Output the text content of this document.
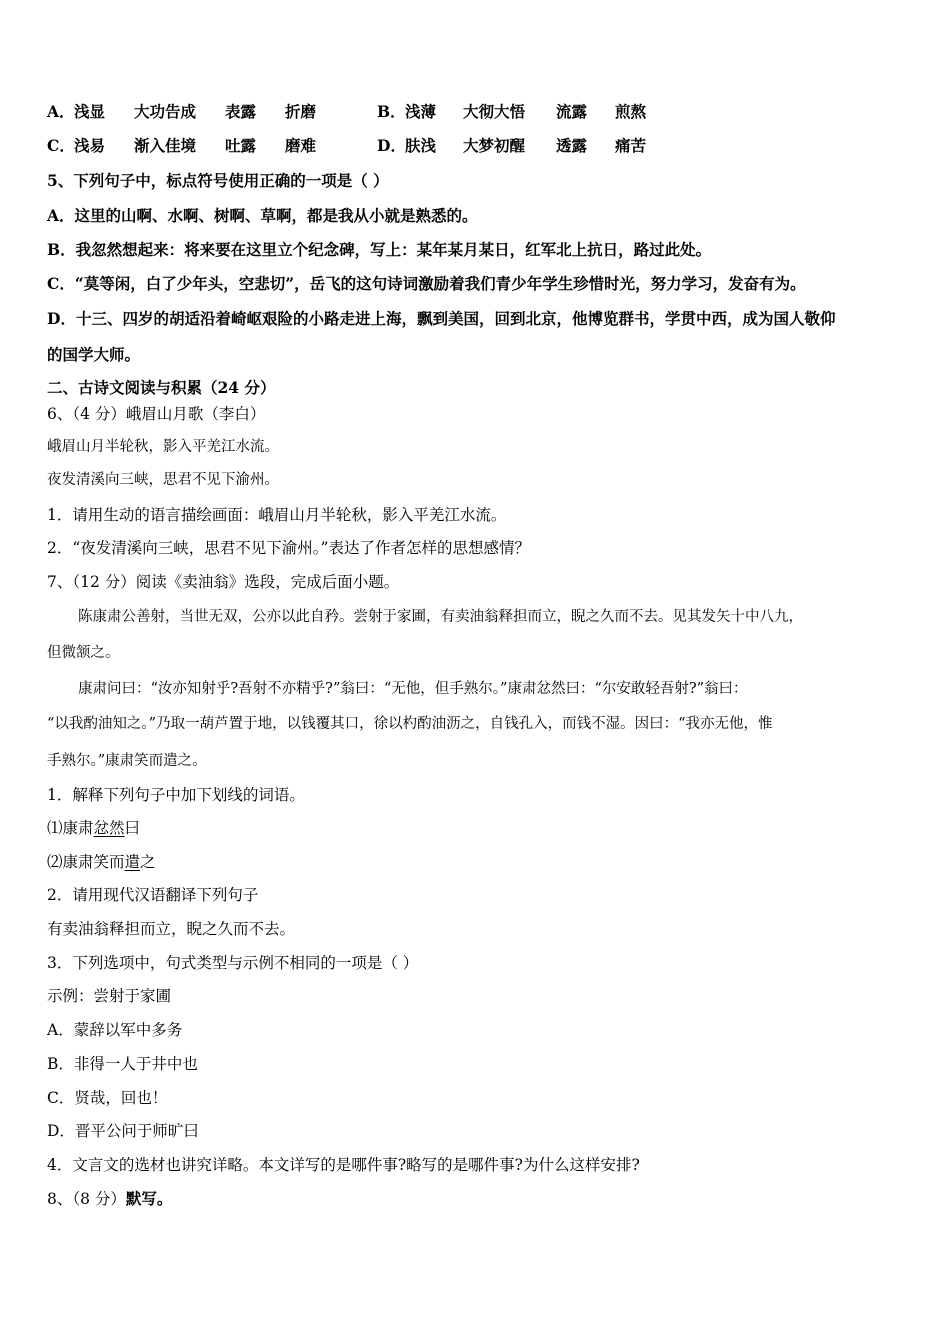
A． 浅显 大功告成 表露 折磨	B． 浅薄 大彻大悟 流露 煎熬
C． 浅易 渐入佳境 吐露 磨难	D． 肤浅 大梦初醒 透露 痛苦
5、下列句子中，标点符号使用正确的一项是（ ）
A．这里的山啊、水啊、树啊、草啊，都是我从小就是熟悉的。
B．我忽然想起来：将来要在这里立个纪念碑，写上：某年某月某日，红军北上抗日，路过此处。
C．“莫等闲，白了少年头，空悲切”，岳飞的这句诗词激励着我们青少年学生珍惜时光，努力学习，发奋有为。
D．十三、四岁的胡适沿着崎岖艰险的小路走进上海，飘到美国，回到北京，他博览群书，学贯中西，成为国人敬仰
的国学大师。
二、古诗文阅读与积累（24 分）
6、（4 分）峨眉山月歌（李白）
峨眉山月半轮秋，影入平羌江水流。
夜发清溪向三峡，思君不见下渝州。
1．请用生动的语言描绘画面：峨眉山月半轮秋，影入平羌江水流。
2．“夜发清溪向三峡，思君不见下渝州。”表达了作者怎样的思想感情？
7、（12 分）阅读《卖油翁》选段，完成后面小题。
陈康肃公善射，当世无双，公亦以此自矜。尝射于家圃，有卖油翁释担而立，睨之久而不去。见其发矢十中八九，
但微颔之。
康肃问曰：“汝亦知射乎?吾射不亦精乎?”翁曰：“无他，但手熟尔。”康肃忿然曰：“尔安敢轻吾射?”翁曰：
“以我酌油知之。”乃取一葫芦置于地，以钱覆其口，徐以杓酌油沥之，自钱孔入，而钱不湿。因曰：“我亦无他，惟
手熟尔。”康肃笑而遣之。
1．解释下列句子中加下划线的词语。
⑴康肃忿然曰
⑵康肃笑而遣之
2．请用现代汉语翻译下列句子
有卖油翁释担而立，睨之久而不去。
3．下列选项中，句式类型与示例不相同的一项是（ ）
示例：尝射于家圃
A．蒙辞以军中多务
B．非得一人于井中也
C．贤哉，回也！
D．晋平公问于师旷曰
4．文言文的选材也讲究详略。本文详写的是哪件事?略写的是哪件事?为什么这样安排?
8、（8 分）默写。
